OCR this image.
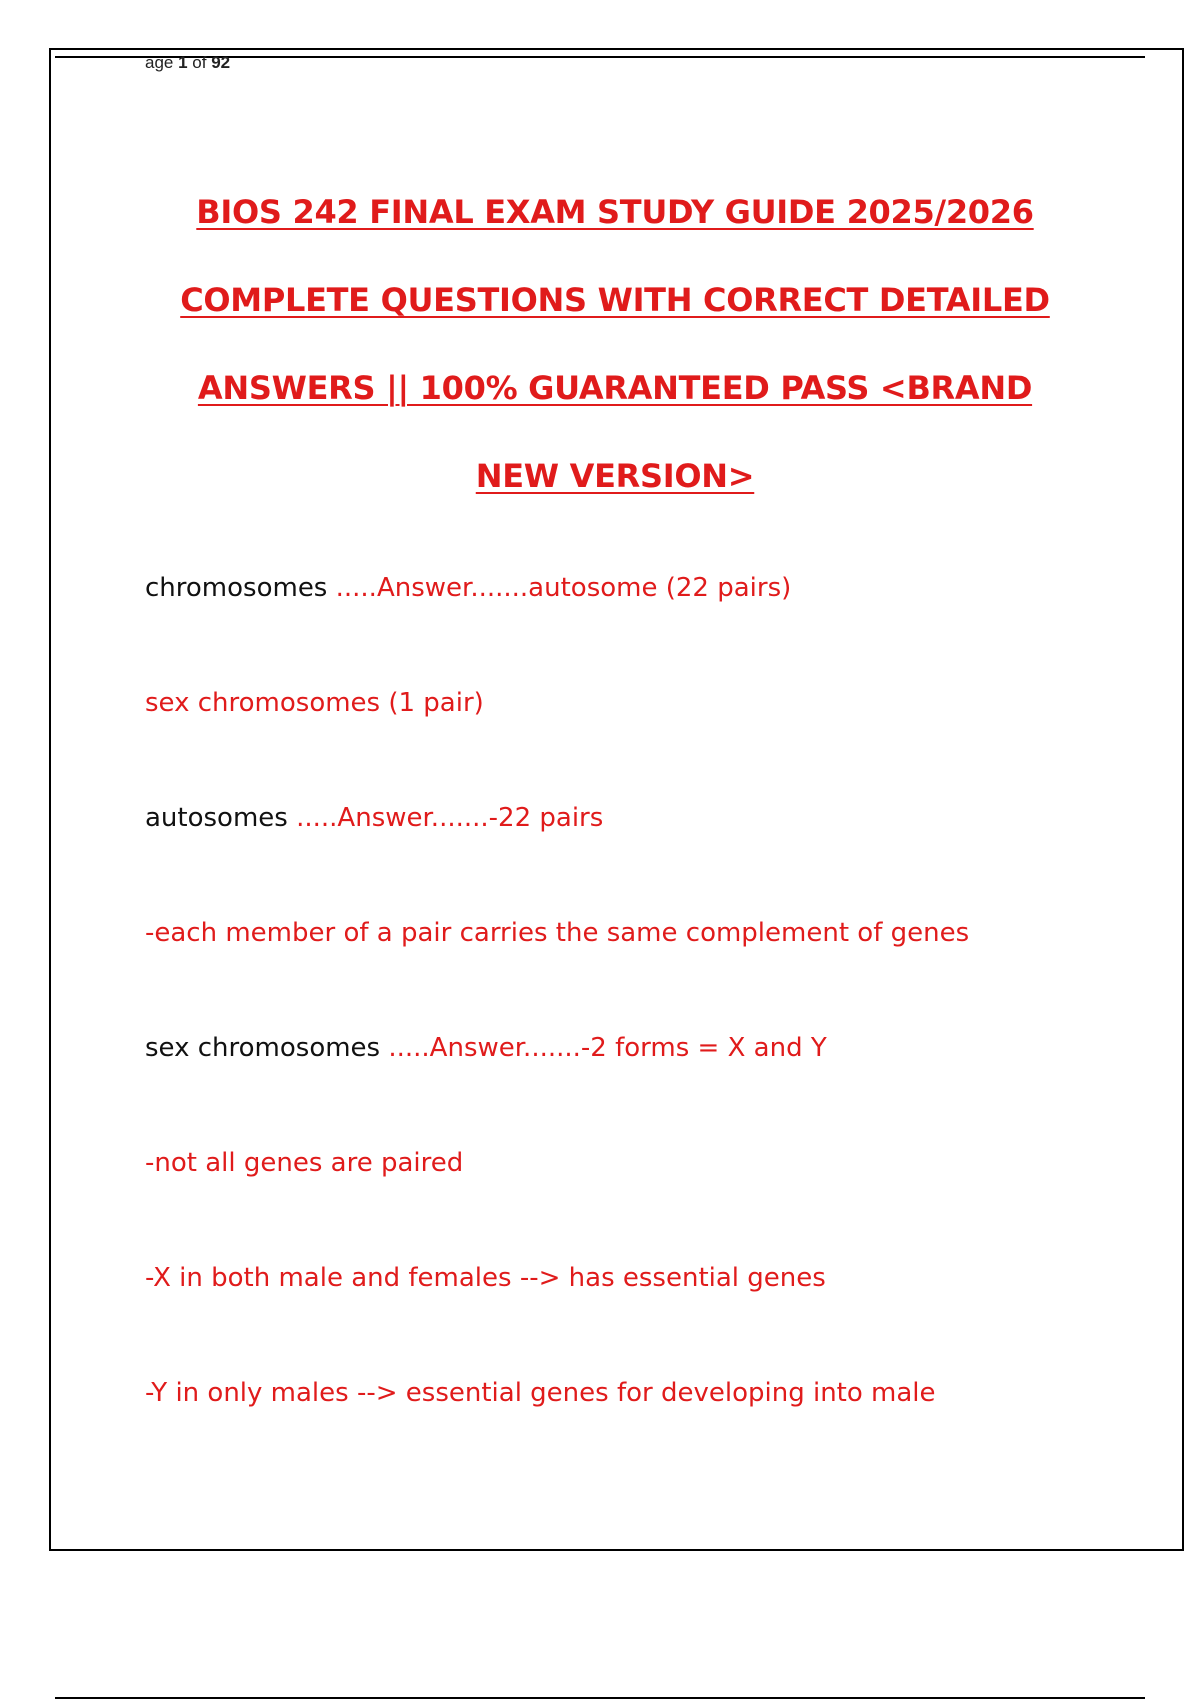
age 1 of 92
BIOS 242 FINAL EXAM STUDY GUIDE 2025/2026
COMPLETE QUESTIONS WITH CORRECT DETAILED
ANSWERS || 100% GUARANTEED PASS <BRAND
NEW VERSION>
chromosomes .....Answer.......autosome (22 pairs)
sex chromosomes (1 pair)
autosomes .....Answer.......-22 pairs
-each member of a pair carries the same complement of genes
sex chromosomes .....Answer.......-2 forms = X and Y
-not all genes are paired
-X in both male and females --> has essential genes
-Y in only males --> essential genes for developing into male
